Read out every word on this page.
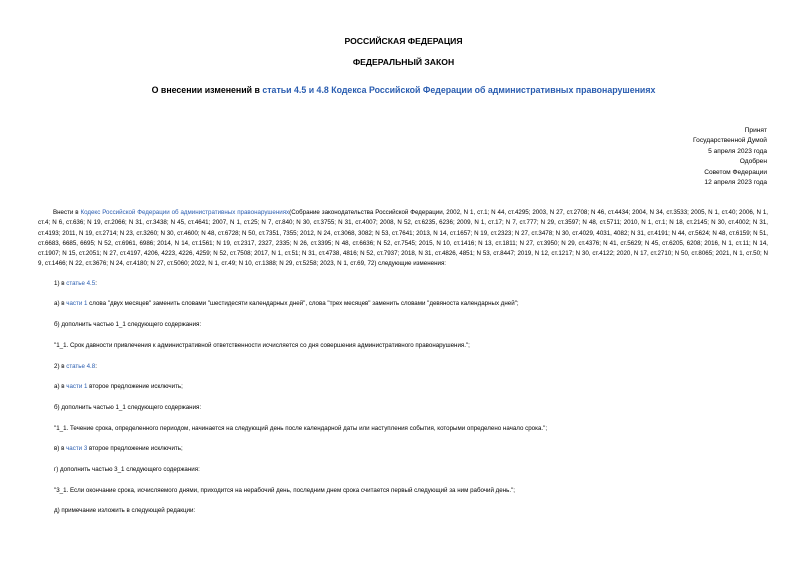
РОССИЙСКАЯ ФЕДЕРАЦИЯ
ФЕДЕРАЛЬНЫЙ ЗАКОН
О внесении изменений в статьи 4.5 и 4.8 Кодекса Российской Федерации об административных правонарушениях
Принят
Государственной Думой
5 апреля 2023 года
Одобрен
Советом Федерации
12 апреля 2023 года

Внести в Кодекс Российской Федерации об административных правонарушениях(Собрание законодательства Российской Федерации, 2002, N 1, ст.1; N 44, ст.4295; 2003, N 27, ст.2708; N 46, ст.4434; 2004, N 34, ст.3533; 2005, N 1, ст.40; 2006, N 1, ст.4; N 6, ст.636; N 19, ст.2066; N 31, ст.3438; N 45, ст.4641; 2007, N 1, ст.25; N 7, ст.840; N 30, ст.3755; N 31, ст.4007; 2008, N 52, ст.6235, 6236; 2009, N 1, ст.17; N 7, ст.777; N 29, ст.3597; N 48, ст.5711; 2010, N 1, ст.1; N 18, ст.2145; N 30, ст.4002; N 31, ст.4193; 2011, N 19, ст.2714; N 23, ст.3260; N 30, ст.4600; N 48, ст.6728; N 50, ст.7351, 7355; 2012, N 24, ст.3068, 3082; N 53, ст.7641; 2013, N 14, ст.1657; N 19, ст.2323; N 27, ст.3478; N 30, ст.4029, 4031, 4082; N 31, ст.4191; N 44, ст.5624; N 48, ст.6159; N 51, ст.6683, 6685, 6695; N 52, ст.6961, 6986; 2014, N 14, ст.1561; N 19, ст.2317, 2327, 2335; N 26, ст.3395; N 48, ст.6636; N 52, ст.7545; 2015, N 10, ст.1416; N 13, ст.1811; N 27, ст.3950; N 29, ст.4376; N 41, ст.5629; N 45, ст.6205, 6208; 2016, N 1, ст.11; N 14, ст.1907; N 15, ст.2051; N 27, ст.4197, 4206, 4223, 4226, 4259; N 52, ст.7508; 2017, N 1, ст.51; N 31, ст.4738, 4816; N 52, ст.7937; 2018, N 31, ст.4826, 4851; N 53, ст.8447; 2019, N 12, ст.1217; N 30, ст.4122; 2020, N 17, ст.2710; N 50, ст.8065; 2021, N 1, ст.50; N 9, ст.1466; N 22, ст.3676; N 24, ст.4180; N 27, ст.5060; 2022, N 1, ст.49; N 10, ст.1388; N 29, ст.5258; 2023, N 1, ст.69, 72) следующие изменения:

1) в статье 4.5:

а) в части 1 слова "двух месяцев" заменить словами "шестидесяти календарных дней", слова "трех месяцев" заменить словами "девяноста календарных дней";

б) дополнить частью 1_1 следующего содержания:

"1_1. Срок давности привлечения к административной ответственности исчисляется со дня совершения административного правонарушения.";

2) в статье 4.8:

а) в части 1 второе предложение исключить;

б) дополнить частью 1_1 следующего содержания:

"1_1. Течение срока, определенного периодом, начинается на следующий день после календарной даты или наступления события, которыми определено начало срока.";

в) в части 3 второе предложение исключить;

г) дополнить частью 3_1 следующего содержания:

"3_1. Если окончание срока, исчисляемого днями, приходится на нерабочий день, последним днем срока считается первый следующий за ним рабочий день.";

д) примечание изложить в следующей редакции:
